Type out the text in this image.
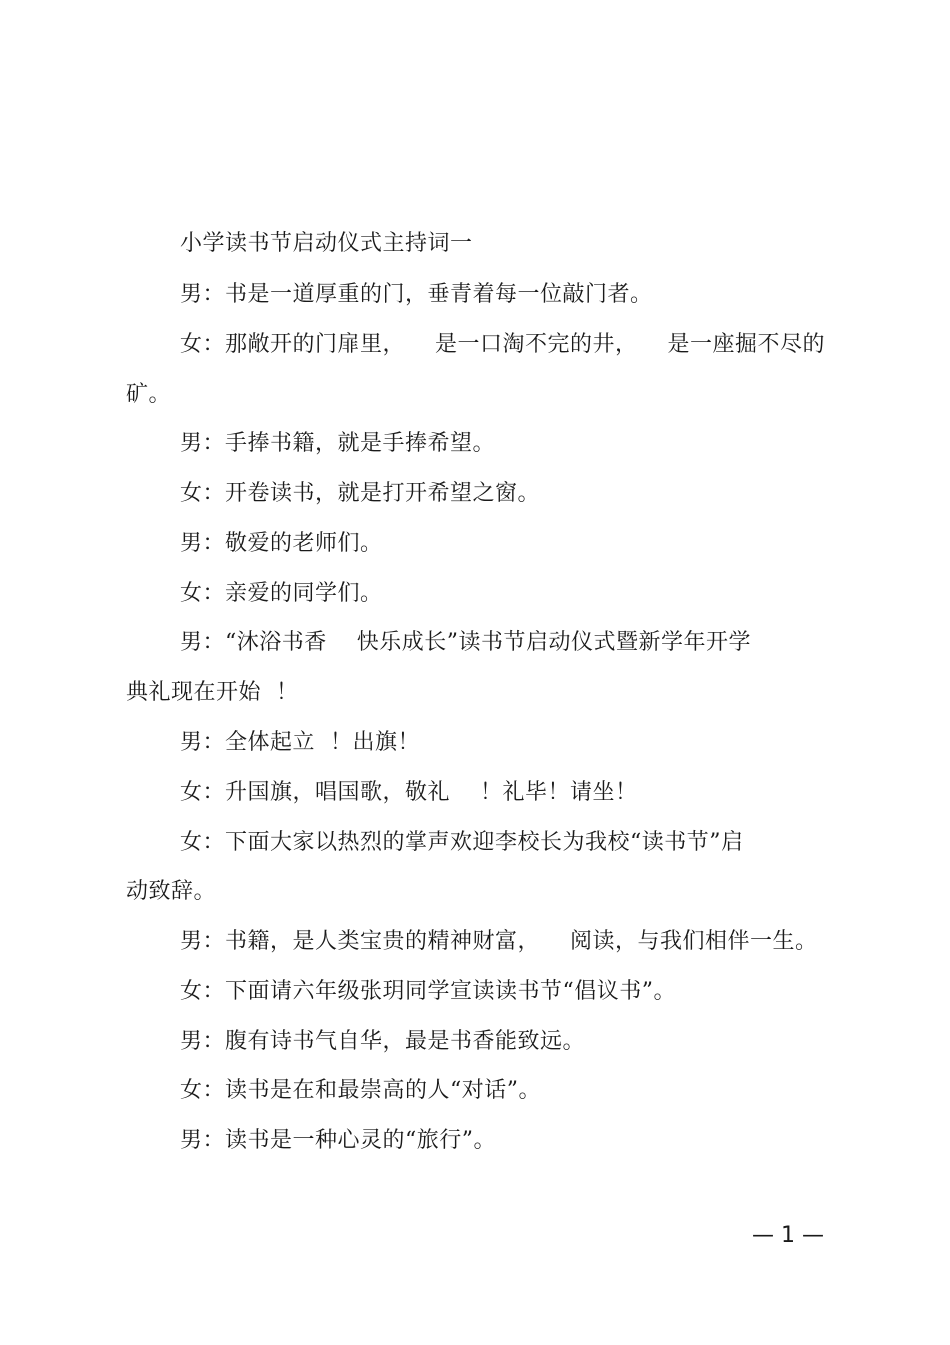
小学读书节启动仪式主持词一
男：书是一道厚重的门，垂青着每一位敲门者。
女：那敞开的门扉里，    是一口淘不完的井，    是一座掘不尽的
矿。
男：手捧书籍，就是手捧希望。
女：开卷读书，就是打开希望之窗。
男：敬爱的老师们。
女：亲爱的同学们。
男：“沐浴书香    快乐成长”读书节启动仪式暨新学年开学
典礼现在开始  ！
男：全体起立  ！出旗！
女：升国旗，唱国歌，敬礼    ！礼毕！请坐！
女：下面大家以热烈的掌声欢迎李校长为我校“读书节”启
动致辞。
男：书籍，是人类宝贵的精神财富，    阅读，与我们相伴一生。
女：下面请六年级张玥同学宣读读书节“倡议书”。
男：腹有诗书气自华，最是书香能致远。
女：读书是在和最崇高的人“对话”。
男：读书是一种心灵的“旅行”。
— 1 —
